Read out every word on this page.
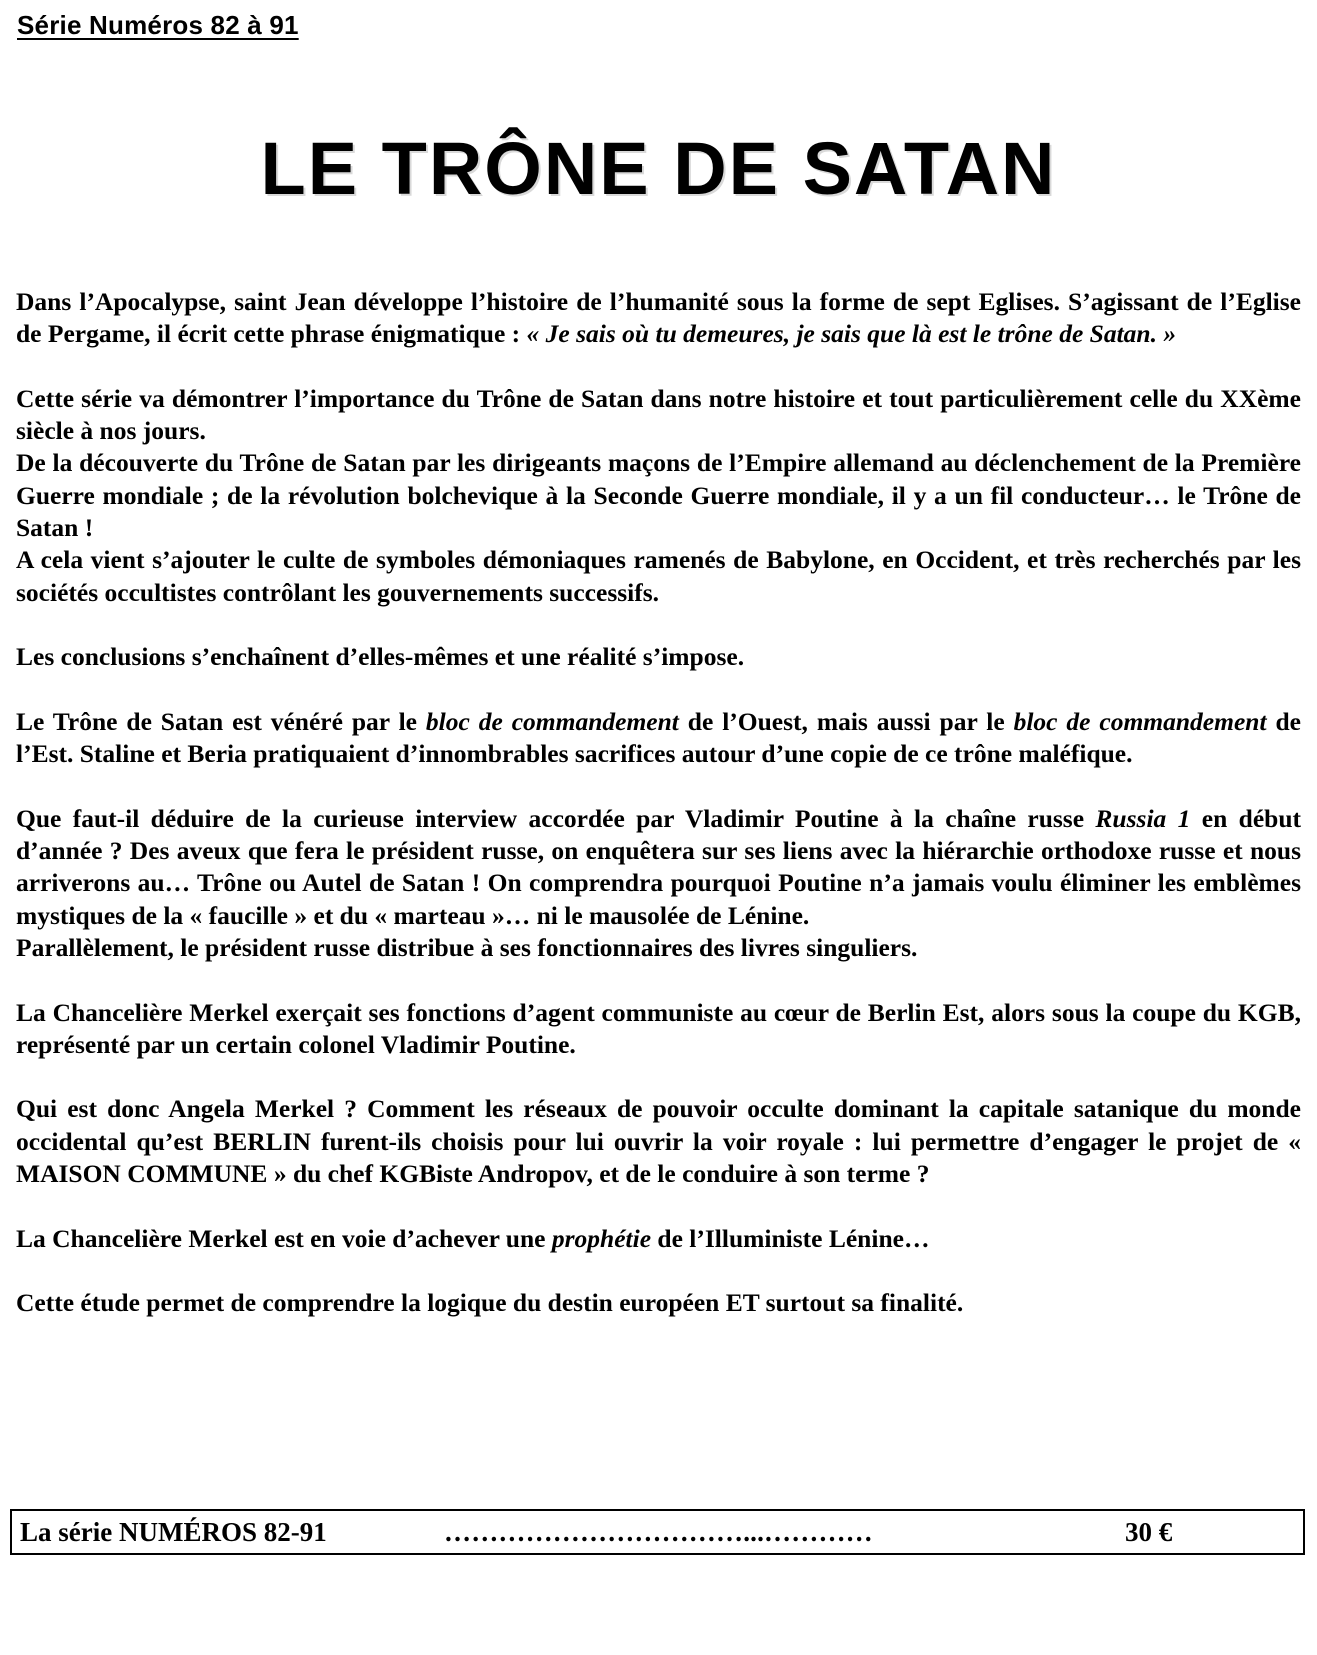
Série Numéros 82 à 91
LE TRÔNE DE SATAN

Dans l’Apocalypse, saint Jean développe l’histoire de l’humanité sous la forme de sept Eglises. S’agissant de l’Eglise de Pergame, il écrit cette phrase énigmatique : « Je sais où tu demeures, je sais que là est le trône de Satan. »

Cette série va démontrer l’importance du Trône de Satan dans notre histoire et tout particulièrement celle du XXème siècle à nos jours.

De la découverte du Trône de Satan par les dirigeants maçons de l’Empire allemand au déclenchement de la Première Guerre mondiale ; de la révolution bolchevique à la Seconde Guerre mondiale, il y a un fil conducteur… le Trône de Satan !

A cela vient s’ajouter le culte de symboles démoniaques ramenés de Babylone, en Occident, et très recherchés par les sociétés occultistes contrôlant les gouvernements successifs.

Les conclusions s’enchaînent d’elles-mêmes et une réalité s’impose.

Le Trône de Satan est vénéré par le bloc de commandement de l’Ouest, mais aussi par le bloc de commandement de l’Est. Staline et Beria pratiquaient d’innombrables sacrifices autour d’une copie de ce trône maléfique.

Que faut-il déduire de la curieuse interview accordée par Vladimir Poutine à la chaîne russe Russia 1 en début d’année ? Des aveux que fera le président russe, on enquêtera sur ses liens avec la hiérarchie orthodoxe russe et nous arriverons au… Trône ou Autel de Satan ! On comprendra pourquoi Poutine n’a jamais voulu éliminer les emblèmes mystiques de la « faucille » et du « marteau »… ni le mausolée de Lénine.

Parallèlement, le président russe distribue à ses fonctionnaires des livres singuliers.

La Chancelière Merkel exerçait ses fonctions d’agent communiste au cœur de Berlin Est, alors sous la coupe du KGB, représenté par un certain colonel Vladimir Poutine.

Qui est donc Angela Merkel ? Comment les réseaux de pouvoir occulte dominant la capitale satanique du monde occidental qu’est BERLIN furent-ils choisis pour lui ouvrir la voir royale : lui permettre d’engager le projet de « MAISON COMMUNE » du chef KGBiste Andropov, et de le conduire à son terme ?

La Chancelière Merkel est en voie d’achever une prophétie de l’Illuministe Lénine…

Cette étude permet de comprendre la logique du destin européen ET surtout sa finalité.

La série NUMÉROS 82-91	……………………………...…………	30 €
